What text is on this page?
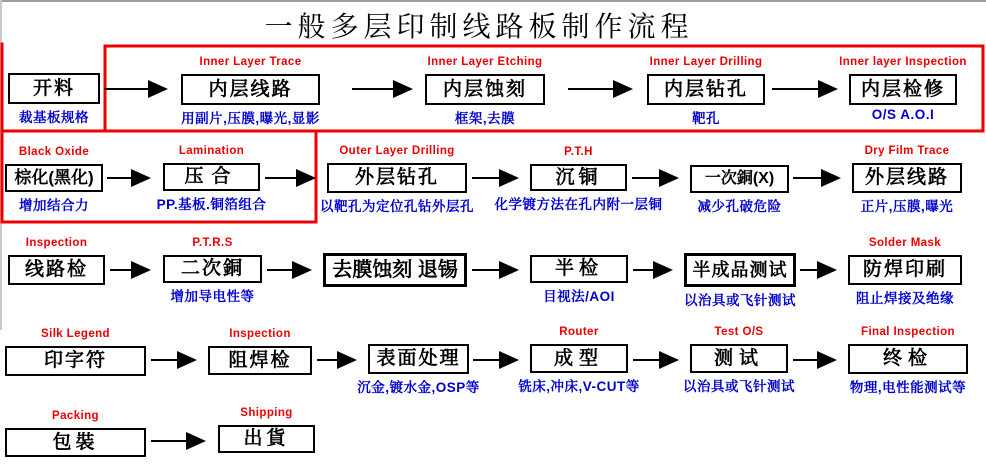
一般多层印制线路板制作流程
开料
裁基板规格
Inner Layer Trace
内层线路
用副片,压膜,曝光,显影
Inner Layer Etching
内层蚀刻
框架,去膜
Inner Layer Drilling
内层钻孔
靶孔
Inner layer Inspection
内层检修
O/S A.O.I
Black Oxide
棕化(黑化)
增加结合力
Lamination
压合
PP.基板.铜箔组合
Outer Layer Drilling
外层钻孔
以靶孔为定位孔钻外层孔
P.T.H
沉铜
化学镀方法在孔内附一层铜
一次銅(X)
减少孔破危险
Dry Film Trace
外层线路
正片,压膜,曝光
Inspection
线路检
P.T.R.S
二次銅
增加导电性等
去膜蚀刻 退锡	半检
目视法/AOI
半成品测试
以治具或飞针测试
Solder Mask
防焊印刷
阻止焊接及绝缘
Silk Legend
印字符
Inspection
阻焊检	表面处理
沉金,镀水金,OSP等
Router
成型
铣床,冲床,V-CUT等
Test O/S
测试
以治具或飞针测试
Final Inspection
终检
物理,电性能测试等
Packing
包裝
Shipping
出貨
